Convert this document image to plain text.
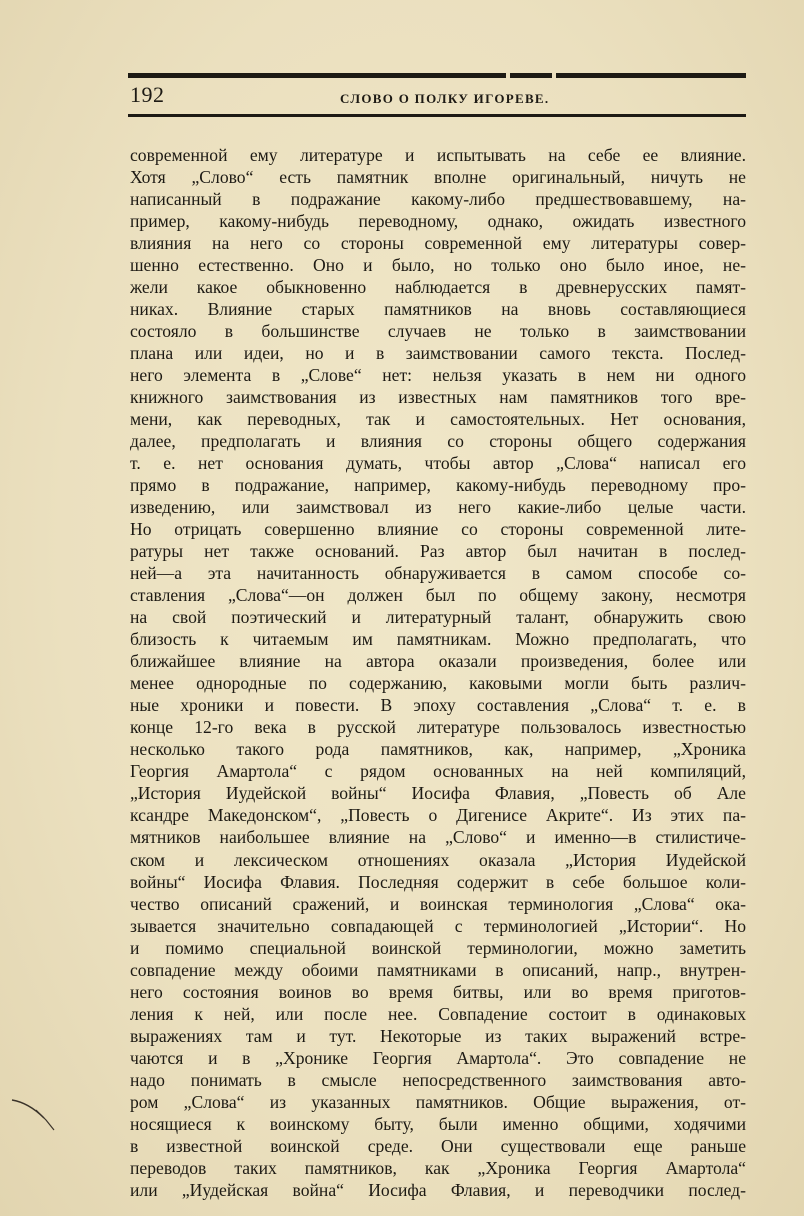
192	СЛОВО О ПОЛКУ ИГОРЕВЕ.
современной ему литературе и испытывать на себе ее влияние.
Хотя „Слово“ есть памятник вполне оригинальный, ничуть не
написанный в подражание какому-либо предшествовавшему, на-
пример, какому-нибудь переводному, однако, ожидать известного
влияния на него со стороны современной ему литературы совер-
шенно естественно. Оно и было, но только оно было иное, не-
жели какое обыкновенно наблюдается в древнерусских памят-
никах. Влияние старых памятников на вновь составляющиеся
состояло в большинстве случаев не только в заимствовании
плана или идеи, но и в заимствовании самого текста. Послед-
него элемента в „Слове“ нет: нельзя указать в нем ни одного
книжного заимствования из известных нам памятников того вре-
мени, как переводных, так и самостоятельных. Нет основания,
далее, предполагать и влияния со стороны общего содержания
т. е. нет основания думать, чтобы автор „Слова“ написал его
прямо в подражание, например, какому-нибудь переводному про-
изведению, или заимствовал из него какие-либо целые части.
Но отрицать совершенно влияние со стороны современной лите-
ратуры нет также оснований. Раз автор был начитан в послед-
ней—а эта начитанность обнаруживается в самом способе со-
ставления „Слова“—он должен был по общему закону, несмотря
на свой поэтический и литературный талант, обнаружить свою
близость к читаемым им памятникам. Можно предполагать, что
ближайшее влияние на автора оказали произведения, более или
менее однородные по содержанию, каковыми могли быть различ-
ные хроники и повести. В эпоху составления „Слова“ т. е. в
конце 12-го века в русской литературе пользовалось известностью
несколько такого рода памятников, как, например, „Хроника
Георгия Амартола“ с рядом основанных на ней компиляций,
„История Иудейской войны“ Иосифа Флавия, „Повесть об Але
ксандре Македонском“, „Повесть о Дигенисе Акрите“. Из этих па-
мятников наибольшее влияние на „Слово“ и именно—в стилистиче-
ском и лексическом отношениях оказала „История Иудейской
войны“ Иосифа Флавия. Последняя содержит в себе большое коли-
чество описаний сражений, и воинская терминология „Слова“ ока-
зывается значительно совпадающей с терминологией „Истории“. Но
и помимо специальной воинской терминологии, можно заметить
совпадение между обоими памятниками в описаний, напр., внутрен-
него состояния воинов во время битвы, или во время приготов-
ления к ней, или после нее. Совпадение состоит в одинаковых
выражениях там и тут. Некоторые из таких выражений встре-
чаются и в „Хронике Георгия Амартола“. Это совпадение не
надо понимать в смысле непосредственного заимствования авто-
ром „Слова“ из указанных памятников. Общие выражения, от-
носящиеся к воинскому быту, были именно общими, ходячими
в известной воинской среде. Они существовали еще раньше
переводов таких памятников, как „Хроника Георгия Амартола“
или „Иудейская война“ Иосифа Флавия, и переводчики послед-
